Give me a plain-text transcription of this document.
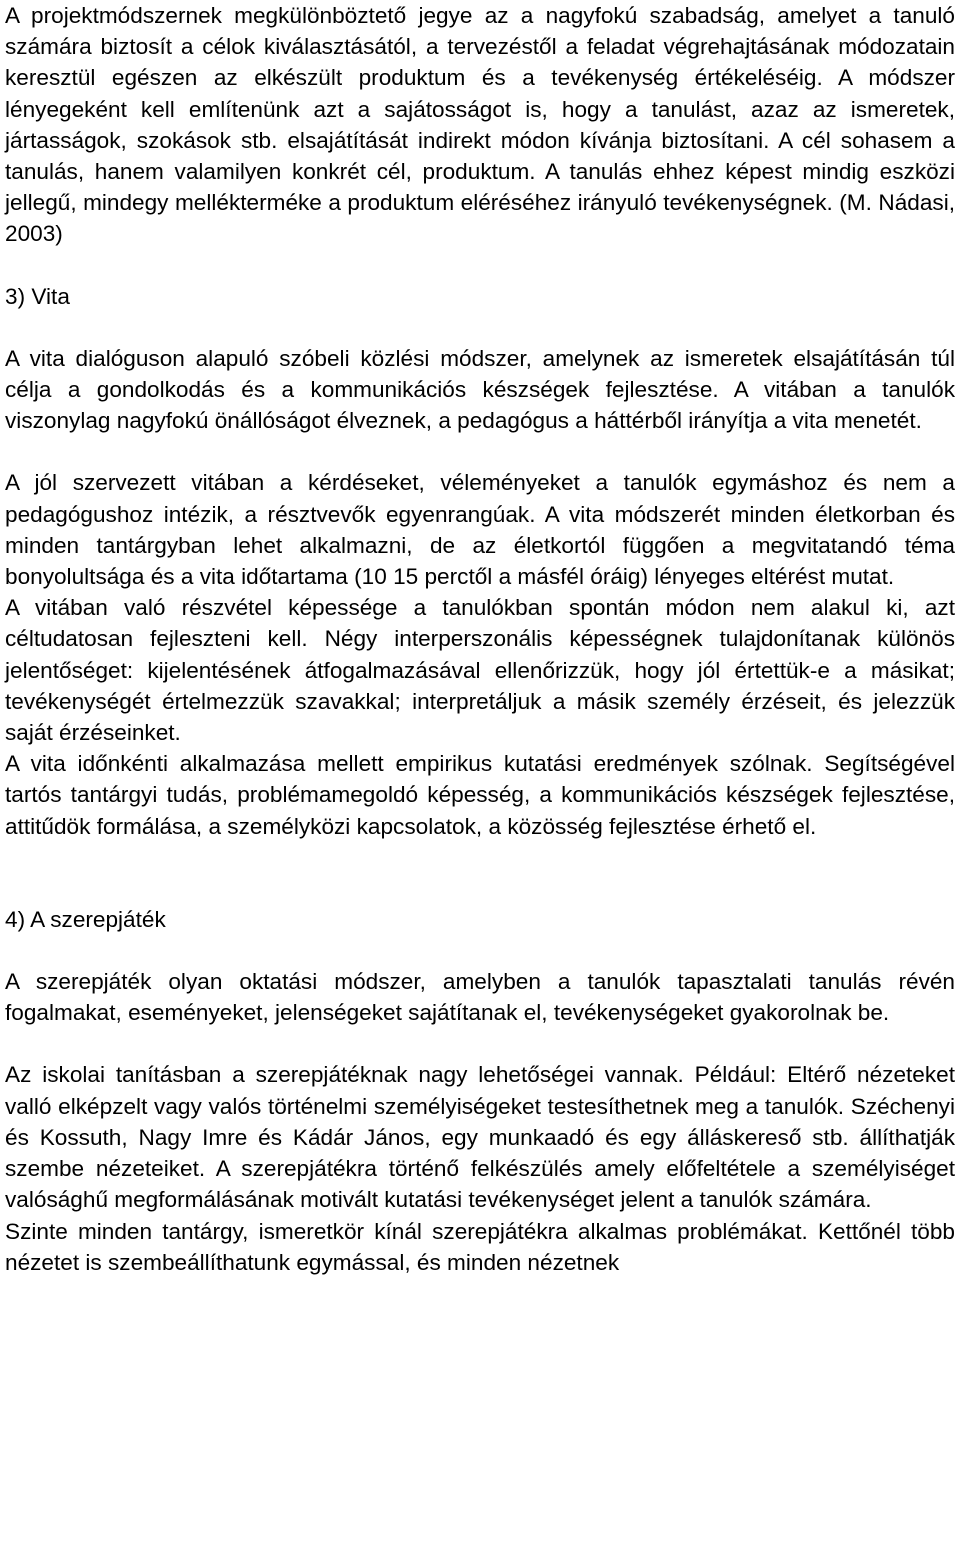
A projektmódszernek megkülönböztető jegye az a nagyfokú szabadság, amelyet a tanuló számára biztosít a célok kiválasztásától, a tervezéstől a feladat végrehajtásának módozatain keresztül egészen az elkészült produktum és a tevékenység értékeléséig. A módszer lényegeként kell említenünk azt a sajátosságot is, hogy a tanulást, azaz az ismeretek, jártasságok, szokások stb. elsajátítását indirekt módon kívánja biztosítani. A cél sohasem a tanulás, hanem valamilyen konkrét cél, produktum. A tanulás ehhez képest mindig eszközi jellegű, mindegy mellékterméke a produktum eléréséhez irányuló tevékenységnek. (M. Nádasi, 2003)

3) Vita

A vita dialóguson alapuló szóbeli közlési módszer, amelynek az ismeretek elsajátításán túl célja a gondolkodás és a kommunikációs készségek fejlesztése. A vitában a tanulók viszonylag nagyfokú önállóságot élveznek, a pedagógus a háttérből irányítja a vita menetét.

A jól szervezett vitában a kérdéseket, véleményeket a tanulók egymáshoz és nem a pedagógushoz intézik, a résztvevők egyenrangúak. A vita módszerét minden életkorban és minden tantárgyban lehet alkalmazni, de az életkortól függően a megvitatandó téma bonyolultsága és a vita időtartama (10 15 perctől a másfél óráig) lényeges eltérést mutat.

A vitában való részvétel képessége a tanulókban spontán módon nem alakul ki, azt céltudatosan fejleszteni kell. Négy interperszonális képességnek tulajdonítanak különös jelentőséget: kijelentésének átfogalmazásával ellenőrizzük, hogy jól értettük-e a másikat; tevékenységét értelmezzük szavakkal; interpretáljuk a másik személy érzéseit, és jelezzük saját érzéseinket.

A vita időnkénti alkalmazása mellett empirikus kutatási eredmények szólnak. Segítségével tartós tantárgyi tudás, problémamegoldó képesség, a kommunikációs készségek fejlesztése, attitűdök formálása, a személyközi kapcsolatok, a közösség fejlesztése érhető el.

4) A szerepjáték

A szerepjáték olyan oktatási módszer, amelyben a tanulók tapasztalati tanulás révén fogalmakat, eseményeket, jelenségeket sajátítanak el, tevékenységeket gyakorolnak be.

Az iskolai tanításban a szerepjátéknak nagy lehetőségei vannak. Például: Eltérő nézeteket valló elképzelt vagy valós történelmi személyiségeket testesíthetnek meg a tanulók. Széchenyi és Kossuth, Nagy Imre és Kádár János, egy munkaadó és egy álláskereső stb. állíthatják szembe nézeteiket. A szerepjátékra történő felkészülés amely előfeltétele a személyiséget valósághű megformálásának motivált kutatási tevékenységet jelent a tanulók számára.

Szinte minden tantárgy, ismeretkör kínál szerepjátékra alkalmas problémákat. Kettőnél több nézetet is szembeállíthatunk egymással, és minden nézetnek
